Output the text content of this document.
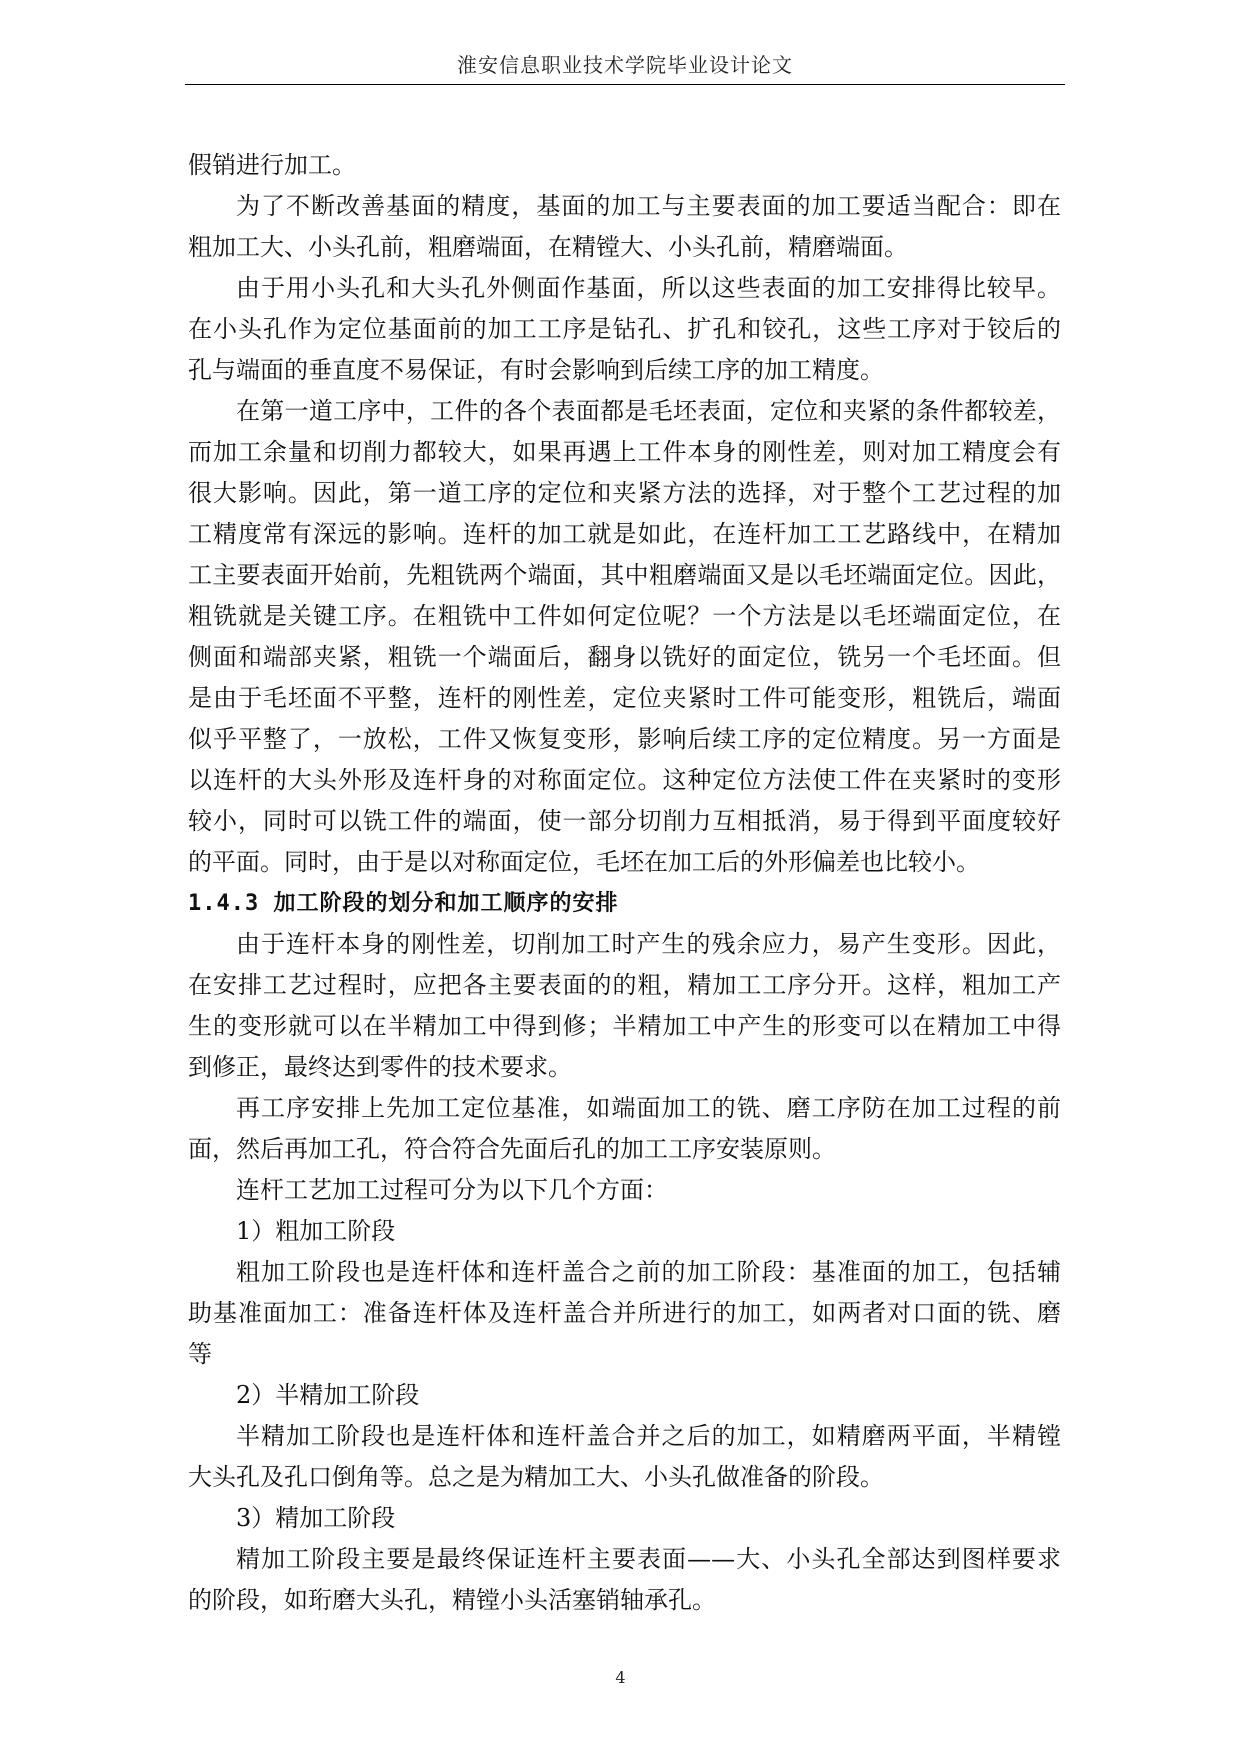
淮安信息职业技术学院毕业设计论文
假销进行加工。
为了不断改善基面的精度，基面的加工与主要表面的加工要适当配合：即在
粗加工大、小头孔前，粗磨端面，在精镗大、小头孔前，精磨端面。
由于用小头孔和大头孔外侧面作基面，所以这些表面的加工安排得比较早。
在小头孔作为定位基面前的加工工序是钻孔、扩孔和铰孔，这些工序对于铰后的
孔与端面的垂直度不易保证，有时会影响到后续工序的加工精度。
在第一道工序中，工件的各个表面都是毛坯表面，定位和夹紧的条件都较差，
而加工余量和切削力都较大，如果再遇上工件本身的刚性差，则对加工精度会有
很大影响。因此，第一道工序的定位和夹紧方法的选择，对于整个工艺过程的加
工精度常有深远的影响。连杆的加工就是如此，在连杆加工工艺路线中，在精加
工主要表面开始前，先粗铣两个端面，其中粗磨端面又是以毛坯端面定位。因此，
粗铣就是关键工序。在粗铣中工件如何定位呢？一个方法是以毛坯端面定位，在
侧面和端部夹紧，粗铣一个端面后，翻身以铣好的面定位，铣另一个毛坯面。但
是由于毛坯面不平整，连杆的刚性差，定位夹紧时工件可能变形，粗铣后，端面
似乎平整了，一放松，工件又恢复变形，影响后续工序的定位精度。另一方面是
以连杆的大头外形及连杆身的对称面定位。这种定位方法使工件在夹紧时的变形
较小，同时可以铣工件的端面，使一部分切削力互相抵消，易于得到平面度较好
的平面。同时，由于是以对称面定位，毛坯在加工后的外形偏差也比较小。
1.4.3 加工阶段的划分和加工顺序的安排
由于连杆本身的刚性差，切削加工时产生的残余应力，易产生变形。因此，
在安排工艺过程时，应把各主要表面的的粗，精加工工序分开。这样，粗加工产
生的变形就可以在半精加工中得到修；半精加工中产生的形变可以在精加工中得
到修正，最终达到零件的技术要求。
再工序安排上先加工定位基准，如端面加工的铣、磨工序防在加工过程的前
面，然后再加工孔，符合符合先面后孔的加工工序安装原则。
连杆工艺加工过程可分为以下几个方面：
1）粗加工阶段
粗加工阶段也是连杆体和连杆盖合之前的加工阶段：基准面的加工，包括辅
助基准面加工：准备连杆体及连杆盖合并所进行的加工，如两者对口面的铣、磨
等
2）半精加工阶段
半精加工阶段也是连杆体和连杆盖合并之后的加工，如精磨两平面，半精镗
大头孔及孔口倒角等。总之是为精加工大、小头孔做准备的阶段。
3）精加工阶段
精加工阶段主要是最终保证连杆主要表面——大、小头孔全部达到图样要求
的阶段，如珩磨大头孔，精镗小头活塞销轴承孔。
4
